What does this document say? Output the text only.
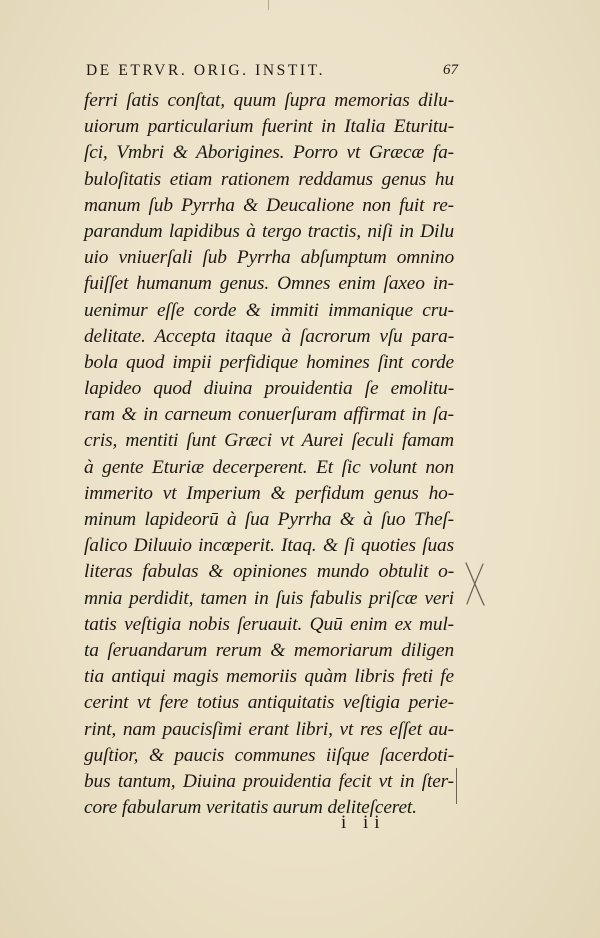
DE ETRVR. ORIG. INSTIT.	67
ferri ſatis conſtat, quum ſupra memorias dilu-
uiorum particularium fuerint in Italia Eturitu-
ſci, Vmbri & Aborigines. Porro vt Græcæ fa-
buloſitatis etiam rationem reddamus genus hu
manum ſub Pyrrha & Deucalione non fuit re-
parandum lapidibus à tergo tractis, niſi in Dilu
uio vniuerſali ſub Pyrrha abſumptum omnino
fuiſſet humanum genus. Omnes enim ſaxeo in-
uenimur eſſe corde & immiti immanique cru-
delitate. Accepta itaque à ſacrorum vſu para-
bola quod impii perfidique homines ſint corde
lapideo quod diuina prouidentia ſe emolitu-
ram & in carneum conuerſuram affirmat in ſa-
cris, mentiti ſunt Græci vt Aurei ſeculi famam
à gente Eturiæ decerperent. Et ſic volunt non
immerito vt Imperium & perfidum genus ho-
minum lapideorū à ſua Pyrrha & à ſuo Theſ-
ſalico Diluuio incœperit. Itaq. & ſi quoties ſuas
literas fabulas & opiniones mundo obtulit o-
mnia perdidit, tamen in ſuis fabulis priſcæ veri
tatis veſtigia nobis ſeruauit. Quū enim ex mul-
ta ſeruandarum rerum & memoriarum diligen
tia antiqui magis memoriis quàm libris freti fe
cerint vt fere totius antiquitatis veſtigia perie-
rint, nam paucisſimi erant libri, vt res eſſet au-
guſtior, & paucis communes iiſque ſacerdoti-
bus tantum, Diuina prouidentia fecit vt in ſter-
core fabularum veritatis aurum deliteſceret.
i ii
